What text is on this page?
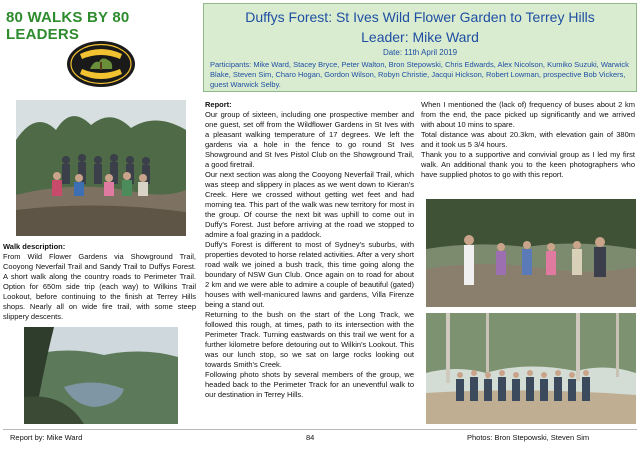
80 WALKS BY 80 LEADERS
Duffys Forest: St Ives Wild Flower Garden to Terrey Hills
Leader: Mike Ward
Date: 11th April 2019
Participants: Mike Ward, Stacey Bryce, Peter Walton, Bron Stepowski, Chris Edwards, Alex Nicolson, Kumiko Suzuki, Warwick Blake, Steven Sim, Charo Hogan, Gordon Wilson, Robyn Christie, Jacqui Hickson, Robert Lowman, prospective Bob Vickers, guest Warwick Selby.

Walk description:

From Wild Flower Gardens via Showground Trail, Cooyong Neverfail Trail and Sandy Trail to Duffys Forest. A short walk along the country roads to Perimeter Trail. Option for 650m side trip (each way) to Wilkins Trail Lookout, before continuing to the finish at Terrey Hills shops. Nearly all on wide fire trail, with some steep slippery descents.

Report:

Our group of sixteen, including one prospective member and one guest, set off from the Wildflower Gardens in St Ives with a pleasant walking temperature of 17 degrees. We left the gardens via a hole in the fence to go round St Ives Showground and St Ives Pistol Club on the Showground Trail, a good firetrail.

Our next section was along the Cooyong Neverfail Trail, which was steep and slippery in places as we went down to Kieran's Creek. Here we crossed without getting wet feet and had morning tea. This part of the walk was new territory for most in the group. Of course the next bit was uphill to come out in Duffy's Forest. Just before arriving at the road we stopped to admire a foal grazing in a paddock.

Duffy's Forest is different to most of Sydney's suburbs, with properties devoted to horse related activities. After a very short road walk we joined a bush track, this time going along the boundary of NSW Gun Club. Once again on to road for about 2 km and we were able to admire a couple of beautiful (gated) houses with well-manicured lawns and gardens, Villa Firenze being a stand out.

Returning to the bush on the start of the Long Track, we followed this rough, at times, path to its intersection with the Perimeter Track. Turning eastwards on this trail we went for a further kilometre before detouring out to Wilkin's Lookout. This was our lunch stop, so we sat on large rocks looking out towards Smith's Creek.

Following photo shots by several members of the group, we headed back to the Perimeter Track for an uneventful walk to our destination in Terrey Hills.

When I mentioned the (lack of) frequency of buses about 2 km from the end, the pace picked up significantly and we arrived with about 10 mins to spare.

Total distance was about 20.3km, with elevation gain of 380m and it took us 5 3/4 hours.

Thank you to a supportive and convivial group as I led my first walk. An additional thank you to the keen photographers who have supplied photos to go with this report.

Report by: Mike Ward	84	Photos: Bron Stepowski, Steven Sim
